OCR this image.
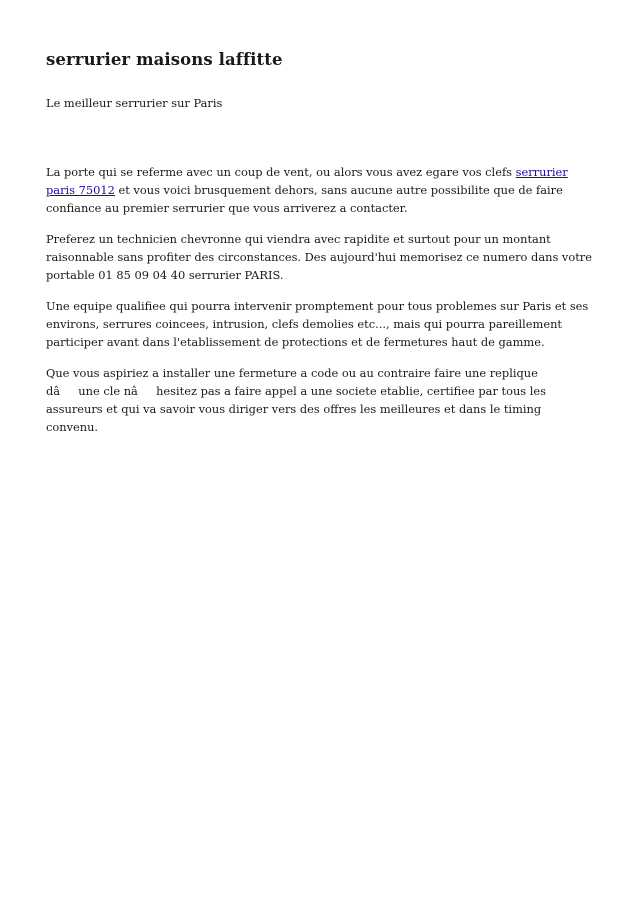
serrurier maisons laffitte

Le meilleur serrurier sur Paris

La porte qui se referme avec un coup de vent, ou alors vous avez egare vos clefs serrurier paris 75012 et vous voici brusquement dehors, sans aucune autre possibilite que de faire confiance au premier serrurier que vous arriverez a contacter.

Preferez un technicien chevronne qui viendra avec rapidite et surtout pour un montant raisonnable sans profiter des circonstances. Des aujourd'hui memorisez ce numero dans votre portable 01 85 09 04 40 serrurier PARIS.

Une equipe qualifiee qui pourra intervenir promptement pour tous problemes sur Paris et ses environs, serrures coincees, intrusion, clefs demolies etc..., mais qui pourra pareillement participer avant dans l'etablissement de protections et de fermetures haut de gamme.

Que vous aspiriez a installer une fermeture a code ou au contraire faire une replique dâune cle nâhesitez pas a faire appel a une societe etablie, certifiee par tous les assureurs et qui va savoir vous diriger vers des offres les meilleures et dans le timing convenu.
